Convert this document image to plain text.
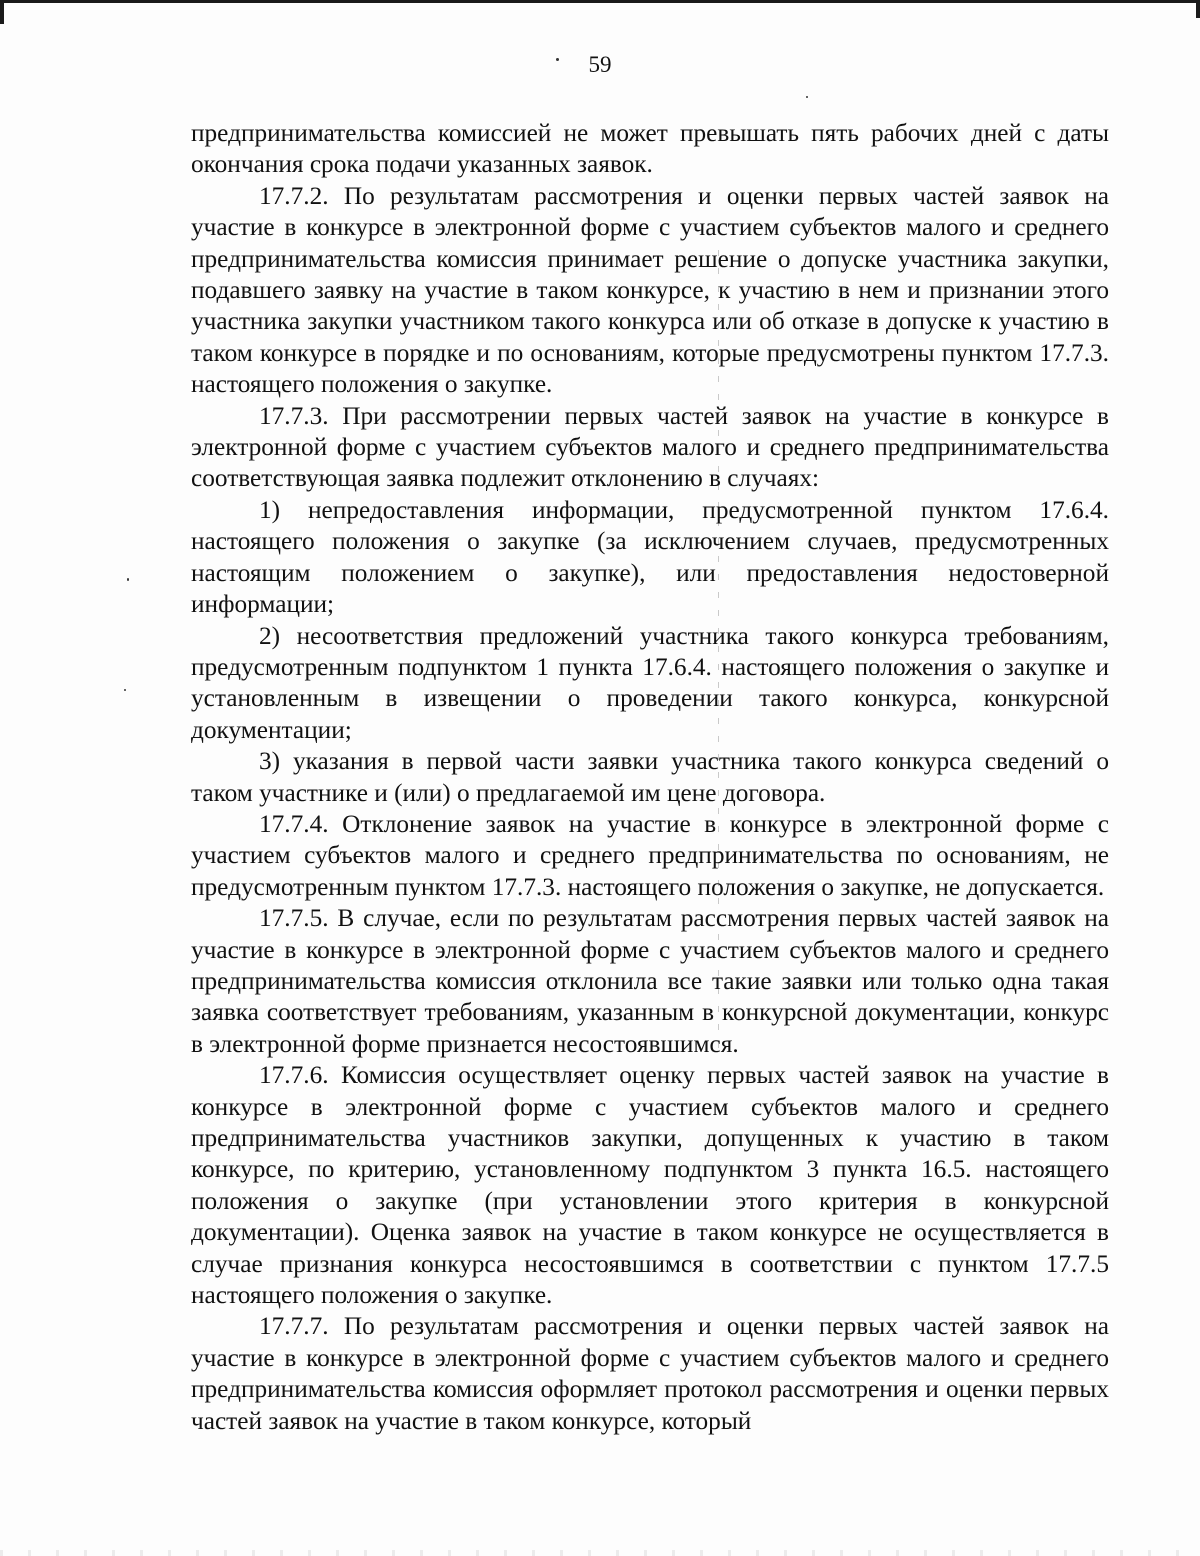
59

предпринимательства комиссией не может превышать пять рабочих дней с даты окончания срока подачи указанных заявок.

17.7.2. По результатам рассмотрения и оценки первых частей заявок на участие в конкурсе в электронной форме с участием субъектов малого и среднего предпринимательства комиссия принимает решение о допуске участника закупки, подавшего заявку на участие в таком конкурсе, к участию в нем и признании этого участника закупки участником такого конкурса или об отказе в допуске к участию в таком конкурсе в порядке и по основаниям, которые предусмотрены пунктом 17.7.3. настоящего положения о закупке.

17.7.3. При рассмотрении первых частей заявок на участие в конкурсе в электронной форме с участием субъектов малого и среднего предпринимательства соответствующая заявка подлежит отклонению в случаях:

1) непредоставления информации, предусмотренной пунктом 17.6.4. настоящего положения о закупке (за исключением случаев, предусмотренных настоящим положением о закупке), или предоставления недостоверной информации;

2) несоответствия предложений участника такого конкурса требованиям, предусмотренным подпунктом 1 пункта 17.6.4. настоящего положения о закупке и установленным в извещении о проведении такого конкурса, конкурсной документации;

3) указания в первой части заявки участника такого конкурса сведений о таком участнике и (или) о предлагаемой им цене договора.

17.7.4. Отклонение заявок на участие в конкурсе в электронной форме с участием субъектов малого и среднего предпринимательства по основаниям, не предусмотренным пунктом 17.7.3. настоящего положения о закупке, не допускается.

17.7.5. В случае, если по результатам рассмотрения первых частей заявок на участие в конкурсе в электронной форме с участием субъектов малого и среднего предпринимательства комиссия отклонила все такие заявки или только одна такая заявка соответствует требованиям, указанным в конкурсной документации, конкурс в электронной форме признается несостоявшимся.

17.7.6. Комиссия осуществляет оценку первых частей заявок на участие в конкурсе в электронной форме с участием субъектов малого и среднего предпринимательства участников закупки, допущенных к участию в таком конкурсе, по критерию, установленному подпунктом 3 пункта 16.5. настоящего положения о закупке (при установлении этого критерия в конкурсной документации). Оценка заявок на участие в таком конкурсе не осуществляется в случае признания конкурса несостоявшимся в соответствии с пунктом 17.7.5 настоящего положения о закупке.

17.7.7. По результатам рассмотрения и оценки первых частей заявок на участие в конкурсе в электронной форме с участием субъектов малого и среднего предпринимательства комиссия оформляет протокол рассмотрения и оценки первых частей заявок на участие в таком конкурсе, который
